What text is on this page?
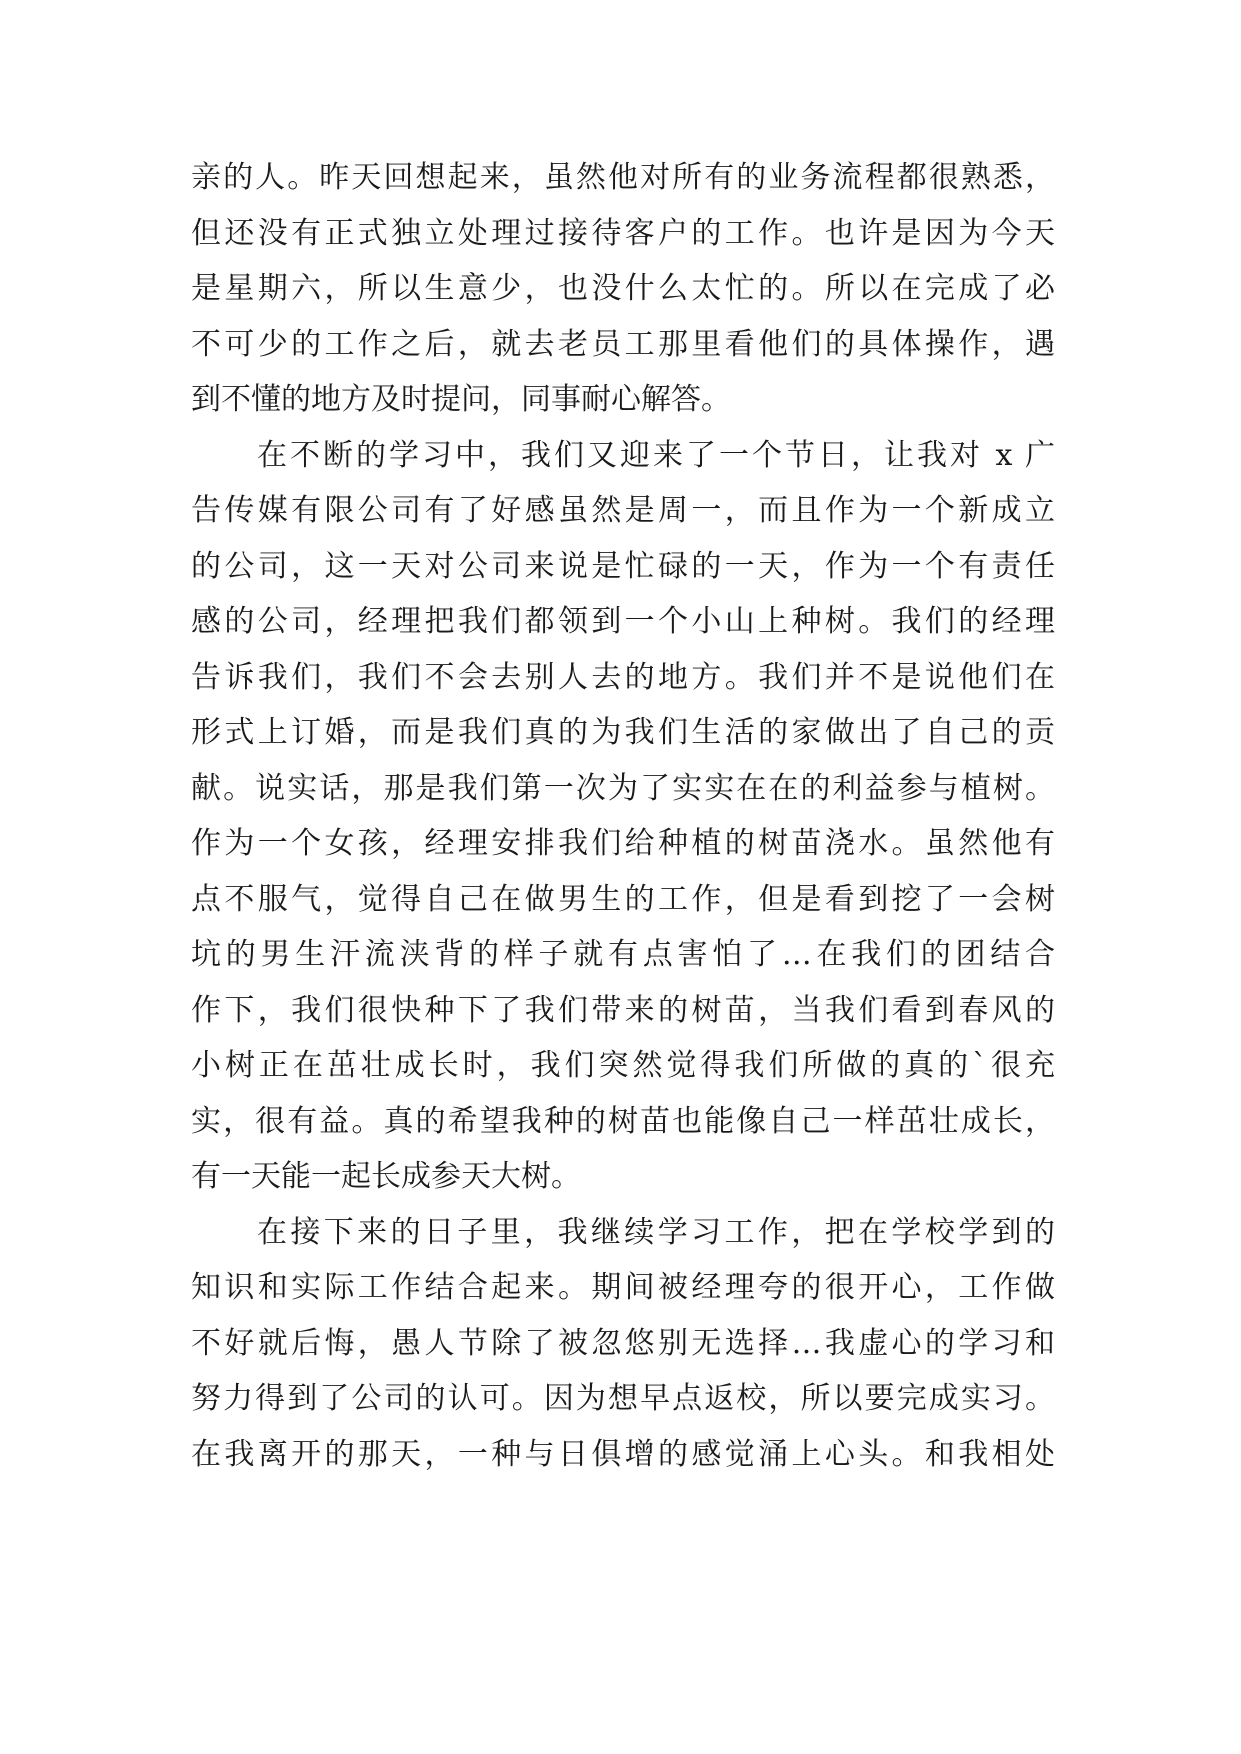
亲的人。昨天回想起来，虽然他对所有的业务流程都很熟悉，
但还没有正式独立处理过接待客户的工作。也许是因为今天
是星期六，所以生意少，也没什么太忙的。所以在完成了必
不可少的工作之后，就去老员工那里看他们的具体操作，遇
到不懂的地方及时提问，同事耐心解答。
在不断的学习中，我们又迎来了一个节日，让我对 x 广
告传媒有限公司有了好感虽然是周一，而且作为一个新成立
的公司，这一天对公司来说是忙碌的一天，作为一个有责任
感的公司，经理把我们都领到一个小山上种树。我们的经理
告诉我们，我们不会去别人去的地方。我们并不是说他们在
形式上订婚，而是我们真的为我们生活的家做出了自己的贡
献。说实话，那是我们第一次为了实实在在的利益参与植树。
作为一个女孩，经理安排我们给种植的树苗浇水。虽然他有
点不服气，觉得自己在做男生的工作，但是看到挖了一会树
坑的男生汗流浃背的样子就有点害怕了…在我们的团结合
作下，我们很快种下了我们带来的树苗，当我们看到春风的
小树正在茁壮成长时，我们突然觉得我们所做的真的`很充
实，很有益。真的希望我种的树苗也能像自己一样茁壮成长，
有一天能一起长成参天大树。
在接下来的日子里，我继续学习工作，把在学校学到的
知识和实际工作结合起来。期间被经理夸的很开心，工作做
不好就后悔，愚人节除了被忽悠别无选择…我虚心的学习和
努力得到了公司的认可。因为想早点返校，所以要完成实习。
在我离开的那天，一种与日俱增的感觉涌上心头。和我相处
